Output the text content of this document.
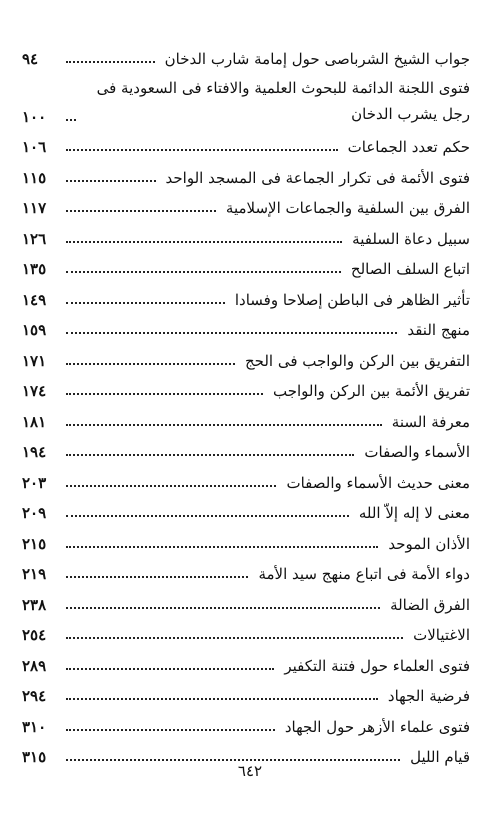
جواب الشيخ الشرباصى حول إمامة شارب الدخان
٩٤
فتوى اللجنة الدائمة للبحوث العلمية والافتاء فى السعودية فى رجل يشرب الدخان
١٠٠
حكم تعدد الجماعات
١٠٦
فتوى الأئمة فى تكرار الجماعة فى المسجد الواحد
١١٥
الفرق بين السلفية والجماعات الإسلامية
١١٧
سبيل دعاة السلفية
١٢٦
اتباع السلف الصالح
١٣٥
تأثير الظاهر فى الباطن إصلاحا وفسادا
١٤٩
منهج النقد
١٥٩
التفريق بين الركن والواجب فى الحج
١٧١
تفريق الأئمة بين الركن والواجب
١٧٤
معرفة السنة
١٨١
الأسماء والصفات
١٩٤
معنى حديث الأسماء والصفات
٢٠٣
معنى لا إله إلاّ الله
٢٠٩
الأذان الموحد
٢١٥
دواء الأمة فى اتباع منهج سيد الأمة
٢١٩
الفرق الضالة
٢٣٨
الاغتيالات
٢٥٤
فتوى العلماء حول فتنة التكفير
٢٨٩
فرضية الجهاد
٢٩٤
فتوى علماء الأزهر حول الجهاد
٣١٠
قيام الليل
٣١٥
٦٤٢
